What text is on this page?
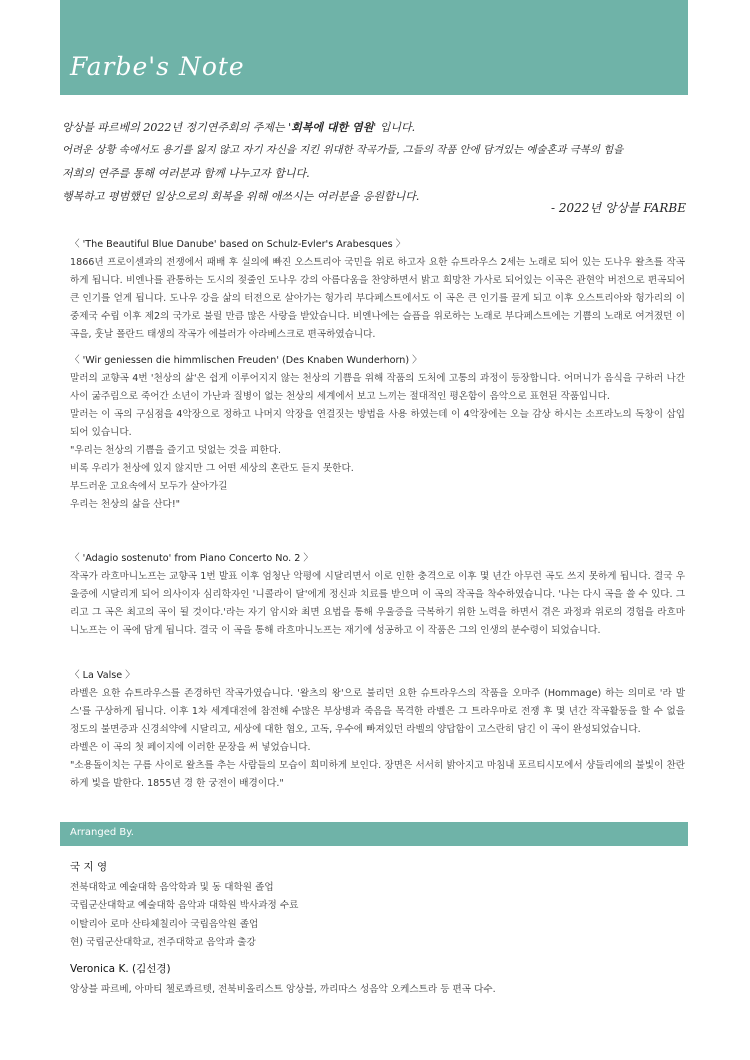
Farbe's Note

앙상블 파르베의 2022년 정기연주회의 주제는 '회복에 대한 염원' 입니다.

어려운 상황 속에서도 용기를 잃지 않고 자기 자신을 지킨 위대한 작곡가들, 그들의 작품 안에 담겨있는 예술혼과 극복의 힘을

저희의 연주를 통해 여러분과 함께 나누고자 합니다.

행복하고 평범했던 일상으로의 회복을 위해 애쓰시는 여러분을 응원합니다.

- 2022년 앙상블 FARBE
〈 'The Beautiful Blue Danube' based on Schulz-Evler's Arabesques 〉

1866년 프로이센과의 전쟁에서 패배 후 실의에 빠진 오스트리아 국민을 위로 하고자 요한 슈트라우스 2세는 노래로 되어 있는 도나우 왈츠를 작곡하게 됩니다. 비엔나를 관통하는 도시의 젖줄인 도나우 강의 아름다움을 찬양하면서 밝고 희망찬 가사로 되어있는 이곡은 관현악 버전으로 편곡되어 큰 인기를 얻게 됩니다. 도나우 강을 삶의 터전으로 살아가는 헝가리 부다페스트에서도 이 곡은 큰 인기를 끌게 되고 이후 오스트리아와 헝가리의 이중제국 수립 이후 제2의 국가로 불릴 만큼 많은 사랑을 받았습니다. 비엔나에는 슬픔을 위로하는 노래로 부다페스트에는 기쁨의 노래로 여겨졌던 이 곡을, 훗날 폴란드 태생의 작곡가 에블러가 아라베스크로 편곡하였습니다.

〈 'Wir geniessen die himmlischen Freuden' (Des Knaben Wunderhorn) 〉

말러의 교향곡 4번 '천상의 삶'은 쉽게 이루어지지 않는 천상의 기쁨을 위해 작품의 도처에 고통의 과정이 등장합니다. 어머니가 음식을 구하러 나간 사이 굶주림으로 죽어간 소년이 가난과 질병이 없는 천상의 세계에서 보고 느끼는 절대적인 평온함이 음악으로 표현된 작품입니다.

말러는 이 곡의 구심점을 4악장으로 정하고 나머지 악장을 연결짓는 방법을 사용 하였는데 이 4악장에는 오늘 감상 하시는 소프라노의 독창이 삽입되어 있습니다.

"우리는 천상의 기쁨을 즐기고 덧없는 것을 피한다.

비록 우리가 천상에 있지 않지만 그 어떤 세상의 혼란도 듣지 못한다.

부드러운 고요속에서 모두가 살아가길

우리는 천상의 삶을 산다!"

〈 'Adagio sostenuto' from Piano Concerto No. 2 〉

작곡가 라흐마니노프는 교향곡 1번 발표 이후 엄청난 악평에 시달리면서 이로 인한 충격으로 이후 몇 년간 아무런 곡도 쓰지 못하게 됩니다. 결국 우울증에 시달리게 되어 의사이자 심리학자인 '니콜라이 달'에게 정신과 치료를 받으며 이 곡의 작곡을 착수하였습니다. '나는 다시 곡을 쓸 수 있다. 그리고 그 곡은 최고의 곡이 될 것이다.'라는 자기 암시와 최면 요법을 통해 우울증을 극복하기 위한 노력을 하면서 겪은 과정과 위로의 경험을 라흐마니노프는 이 곡에 담게 됩니다. 결국 이 곡을 통해 라흐마니노프는 재기에 성공하고 이 작품은 그의 인생의 분수령이 되었습니다.

〈 La Valse 〉

라벨은 요한 슈트라우스를 존경하던 작곡가였습니다. '왈츠의 왕'으로 불리던 요한 슈트라우스의 작품을 오마주 (Hommage) 하는 의미로 '라 발스'를 구상하게 됩니다. 이후 1차 세계대전에 참전해 수많은 부상병과 죽음을 목격한 라벨은 그 트라우마로 전쟁 후 몇 년간 작곡활동을 할 수 없을 정도의 불면증과 신경쇠약에 시달리고, 세상에 대한 혐오, 고독, 우수에 빠져있던 라벨의 양답함이 고스란히 담긴 이 곡이 완성되었습니다.

라벨은 이 곡의 첫 페이지에 이러한 문장을 써 넣었습니다.

"소용돌이치는 구름 사이로 왈츠를 추는 사람들의 모습이 희미하게 보인다. 장면은 서서히 밝아지고 마침내 포르티시모에서 샹들리에의 불빛이 찬란하게 빛을 발한다. 1855년 경 한 궁전이 배경이다."

Arranged By.
국 지 영

전북대학교 예술대학 음악학과 및 동 대학원 졸업

국립군산대학교 예술대학 음악과 대학원 박사과정 수료

이탈리아 로마 산타체칠리아 국립음악원 졸업

현) 국립군산대학교, 전주대학교 음악과 출강

Veronica K. (김선경)

앙상블 파르베, 아마티 첼로콰르텟, 전북비올리스트 앙상블, 까리따스 성음악 오케스트라 등 편곡 다수.
